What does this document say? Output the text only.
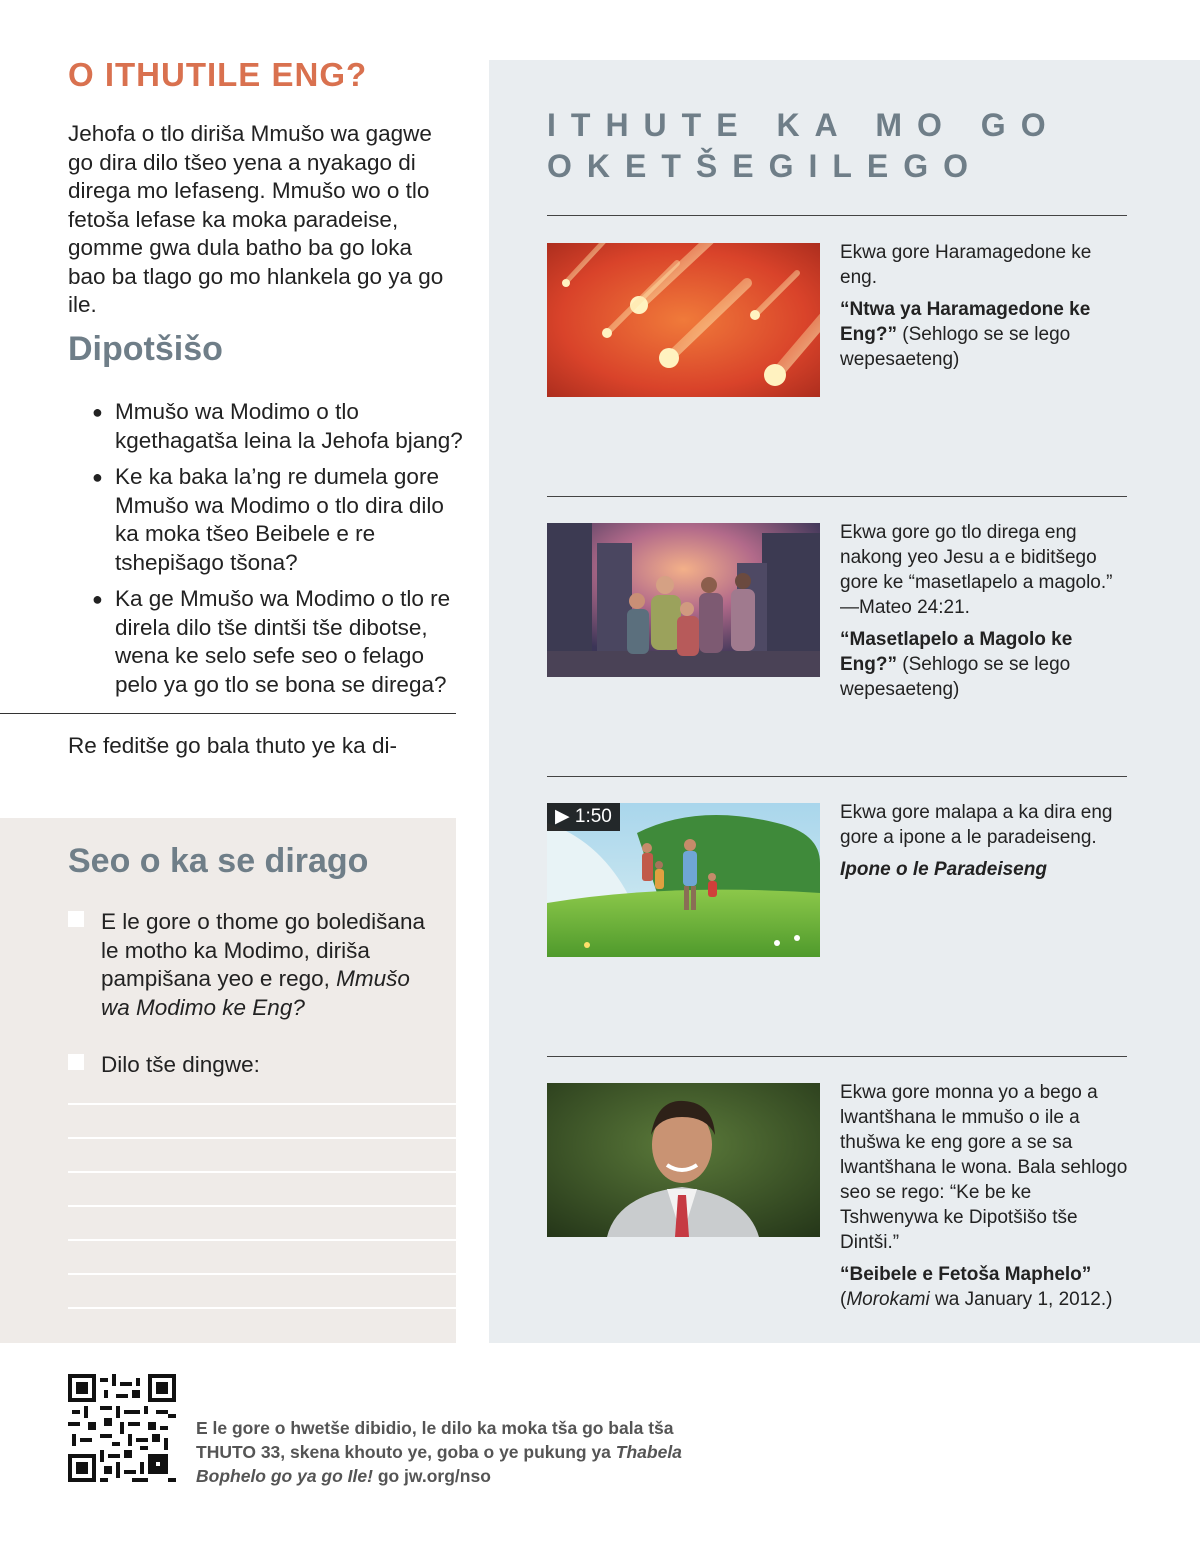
O ITHUTILE ENG?

Jehofa o tlo diriša Mmušo wa gagwe go dira dilo tšeo yena a nyakago di direga mo lefaseng. Mmušo wo o tlo fetoša lefase ka moka paradeise, gomme gwa dula batho ba go loka bao ba tlago go mo hlankela go ya go ile.

Dipotšišo
● Mmušo wa Modimo o tlo kgethagatša leina la Jehofa bjang?
● Ke ka baka la’ng re dumela gore Mmušo wa Modimo o tlo dira dilo ka moka tšeo Beibele e re tshepišago tšona?
● Ka ge Mmušo wa Modimo o tlo re direla dilo tše dintši tše dibotse, wena ke selo sefe seo o felago pelo ya go tlo se bona se direga?
Re feditše go bala thuto ye ka di-
Seo o ka se dirago
E le gore o thome go boledišana le motho ka Modimo, diriša pampišana yeo e rego, Mmušo wa Modimo ke Eng?
Dilo tše dingwe:
ITHUTE KA MO GO OKETŠEGILEGO

Ekwa gore Haramagedone ke eng.

“Ntwa ya Haramagedone ke Eng?” (Sehlogo se se lego wepesaeteng)

Ekwa gore go tlo direga eng nakong yeo Jesu a e biditšego gore ke “masetlapelo a magolo.” —Mateo 24:21.

“Masetlapelo a Magolo ke Eng?” (Sehlogo se se lego wepesaeteng)

▶ 1:50	Ekwa gore malapa a ka dira eng gore a ipone a le paradeiseng.

Ipone o le Paradeiseng

Ekwa gore monna yo a bego a lwantšhana le mmušo o ile a thušwa ke eng gore a se sa lwantšhana le wona. Bala sehlogo seo se rego: “Ke be ke Tshwenywa ke Dipotšišo tše Dintši.”

“Beibele e Fetoša Maphelo”
(Morokami wa January 1, 2012.)

E le gore o hwetše dibidio, le dilo ka moka tša go bala tša THUTO 33, skena khouto ye, goba o ye pukung ya Thabela Bophelo go ya go Ile! go jw.org/nso
